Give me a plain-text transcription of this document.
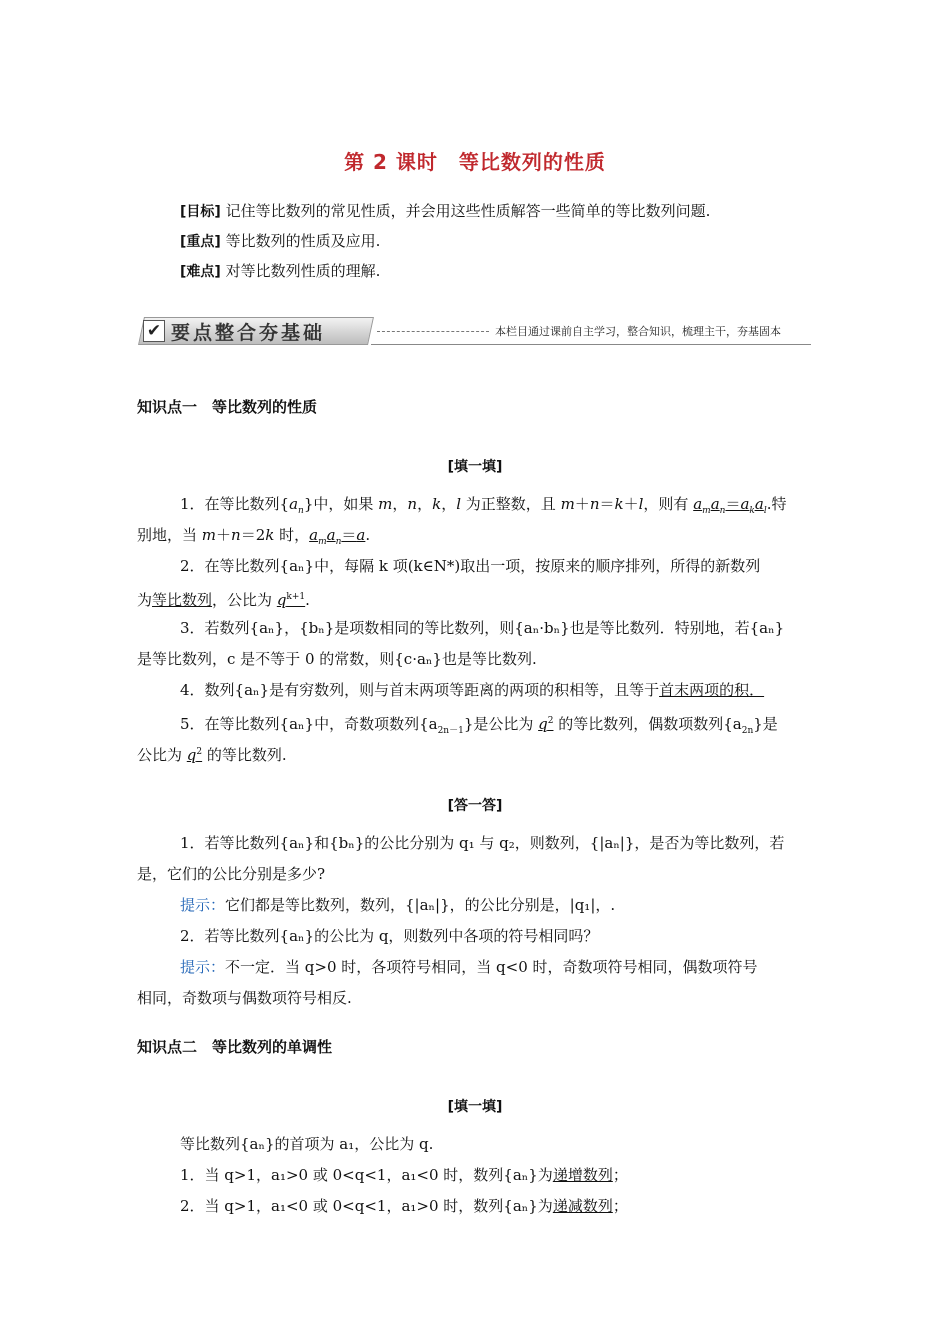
第 2 课时　等比数列的性质
[目标] 记住等比数列的常见性质，并会用这些性质解答一些简单的等比数列问题.
[重点] 等比数列的性质及应用.
[难点] 对等比数列性质的理解.
✔ 要点整合夯基础	本栏目通过课前自主学习，整合知识，梳理主干，夯基固本
知识点一　等比数列的性质
[填一填]
1．在等比数列$\{a_n\}$中，如果 m，n，k，l 为正整数，且 m＋n＝k＋l，则有 $a_ma_n=a_ka_l$.特
别地，当 m＋n＝2k 时，$a_ma_n=a$.
2．在等比数列{aₙ}中，每隔 k 项(k∈N*)取出一项，按原来的顺序排列，所得的新数列
为等比数列，公比为 $q^{k+1}$.
3．若数列{aₙ}，{bₙ}是项数相同的等比数列，则{aₙ·bₙ}也是等比数列．特别地，若{aₙ}
是等比数列，c 是不等于 0 的常数，则{c·aₙ}也是等比数列.
4．数列{aₙ}是有穷数列，则与首末两项等距离的两项的积相等，且等于首末两项的积．
5．在等比数列{aₙ}中，奇数项数列$\{a_{2n-1}\}$是公比为 $q^2$ 的等比数列，偶数项数列$\{a_{2n}\}$是
公比为 $q^2$ 的等比数列.
[答一答]
1．若等比数列{aₙ}和{bₙ}的公比分别为 q₁ 与 q₂，则数列，{|aₙ|}，是否为等比数列，若
是，它们的公比分别是多少?
提示：它们都是等比数列，数列，{|aₙ|}，的公比分别是，|q₁|，.
2．若等比数列{aₙ}的公比为 q，则数列中各项的符号相同吗？
提示：不一定．当 q>0 时，各项符号相同，当 q<0 时，奇数项符号相同，偶数项符号
相同，奇数项与偶数项符号相反.
知识点二　等比数列的单调性
[填一填]
等比数列{aₙ}的首项为 a₁，公比为 q.
1．当 q>1，a₁>0 或 0<q<1，a₁<0 时，数列{aₙ}为递增数列；
2．当 q>1，a₁<0 或 0<q<1，a₁>0 时，数列{aₙ}为递减数列；
